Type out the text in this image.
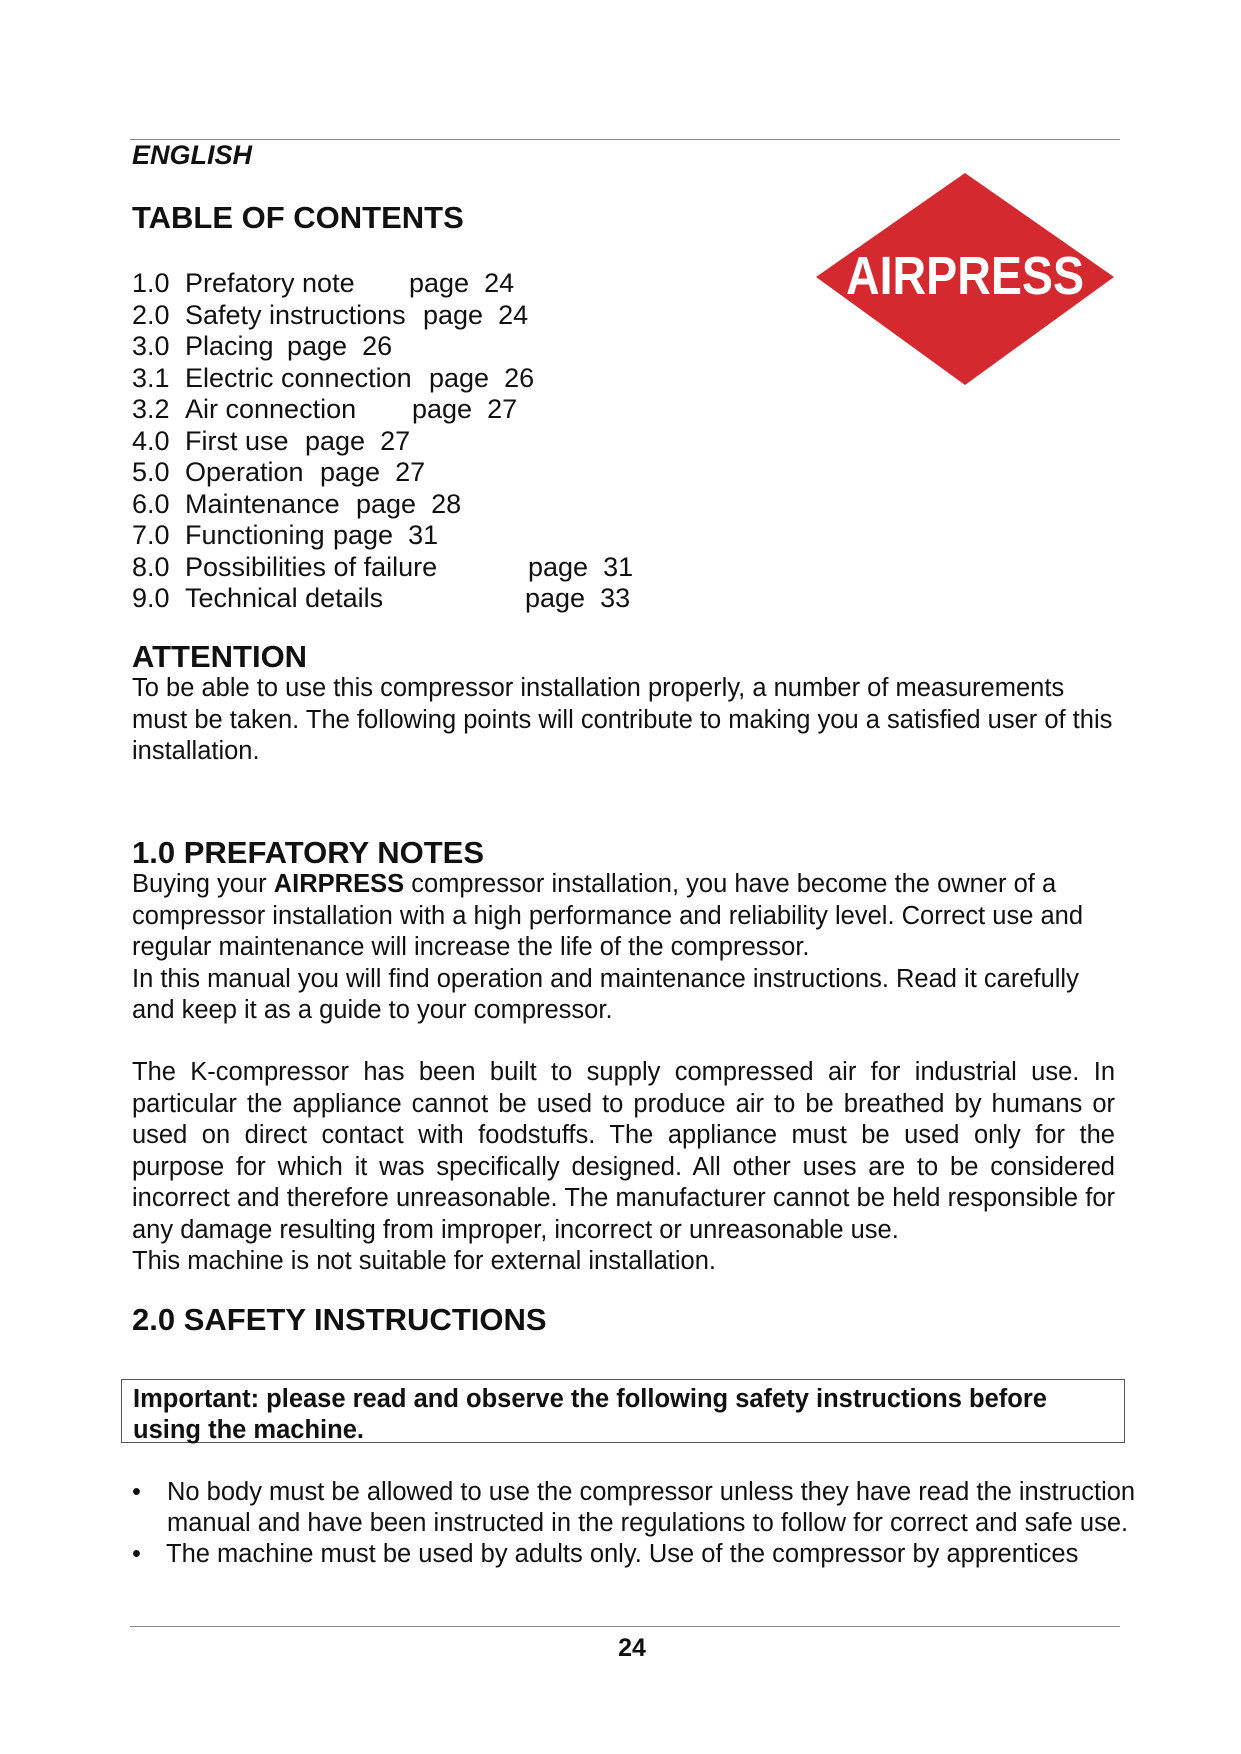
ENGLISH
TABLE OF CONTENTS
1.0 Prefatory note page  24
2.0 Safety instructions page  24
3.0 Placing page  26
3.1 Electric connection page  26
3.2 Air connection page  27
4.0 First use page  27
5.0 Operation page  27
6.0 Maintenance page  28
7.0 Functioning page  31
8.0 Possibilities of failure	page  31
9.0 Technical details	page  33
AIRPRESS
ATTENTION

To be able to use this compressor installation properly, a number of measurements must be taken. The following points will contribute to making you a satisfied user of this installation.

1.0 PREFATORY NOTES

Buying your AIRPRESS compressor installation, you have become the owner of a compressor installation with a high performance and reliability level. Correct use and regular maintenance will increase the life of the compressor.

In this manual you will find operation and maintenance instructions. Read it carefully and keep it as a guide to your compressor.

The K-compressor has been built to supply compressed air for industrial use. In particular the appliance cannot be used to produce air to be breathed by humans or used on direct contact with foodstuffs. The appliance must be used only for the purpose for which it was specifically designed. All other uses are to be considered incorrect and therefore unreasonable. The manufacturer cannot be held responsible for any damage resulting from improper, incorrect or unreasonable use.

This machine is not suitable for external installation.

2.0 SAFETY INSTRUCTIONS
Important: please read and observe the following safety instructions before using the machine.
• No body must be allowed to use the compressor unless they have read the instruction manual and have been instructed in the regulations to follow for correct and safe use.
• The machine must be used by adults only. Use of the compressor by apprentices
24
